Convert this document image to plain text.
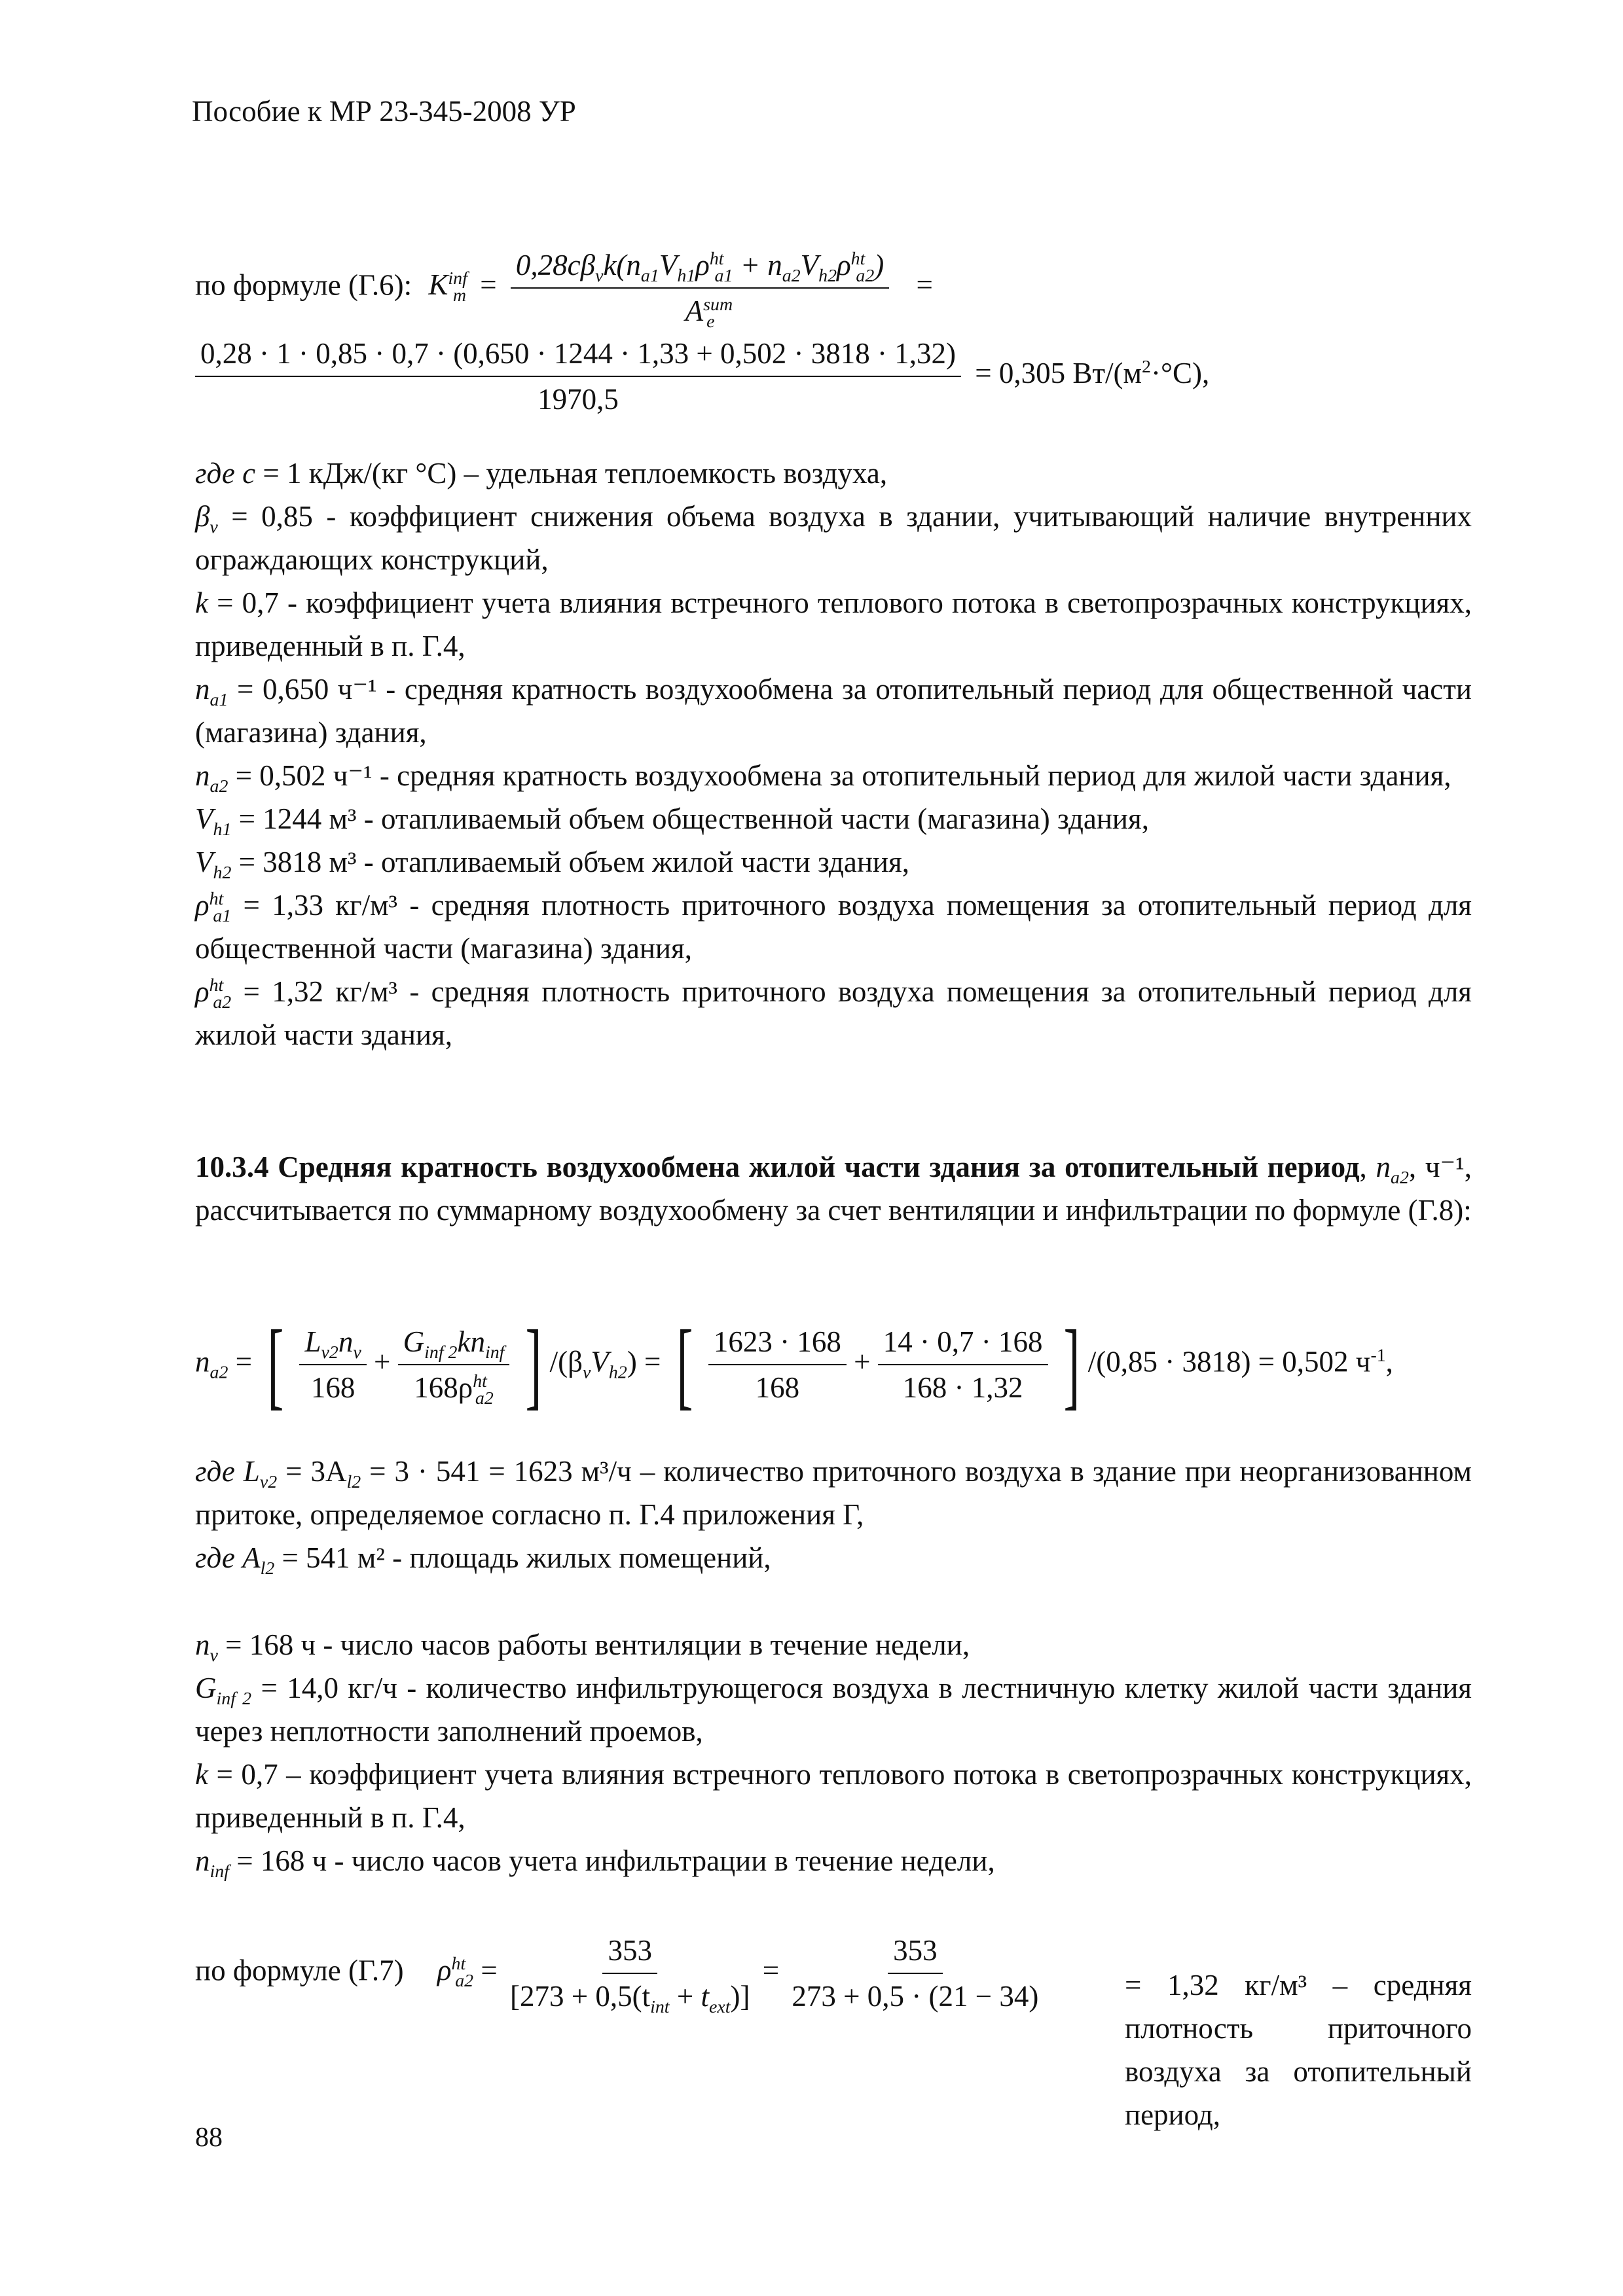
Пособие к МР 23-345-2008 УР
по формуле (Г.6): $K^{inf}_m = \frac{0,28c\beta_vk(n_{a1}V_{h1}\rho^{ht}_{a1} + n_{a2}V_{h2}\rho^{ht}_{a2})}{A^{sum}_e}$ =
0,28 · 1 · 0,85 · 0,7 · (0,650 · 1244 · 1,33 + 0,502 · 3818 · 1,32)
1970,5
= 0,305 $Вт/(м^2\cdot^\circ C)$,
где c = 1 кДж/(кг °С) – удельная теплоемкость воздуха,
$\beta_v = 0,85$ - коэффициент снижения объема воздуха в здании, учитывающий наличие внутренних ограждающих конструкций,
k = 0,7 - коэффициент учета влияния встречного теплового потока в светопрозрачных конструкциях, приведенный в п. Г.4,
$n_{a1} = 0,650$ ч⁻¹ - средняя кратность воздухообмена за отопительный период для общественной части (магазина) здания,
$n_{a2} = 0,502$ ч⁻¹ - средняя кратность воздухообмена за отопительный период для жилой части здания,
$V_{h1} = 1244$ м³ - отапливаемый объем общественной части (магазина) здания,
$V_{h2} = 3818$ м³ - отапливаемый объем жилой части здания,
$\rho^{ht}_{a1} = 1,33$ кг/м³ - средняя плотность приточного воздуха помещения за отопительный период для общественной части (магазина) здания,
$\rho^{ht}_{a2} = 1,32$ кг/м³ - средняя плотность приточного воздуха помещения за отопительный период для жилой части здания,
10.3.4 Средняя кратность воздухообмена жилой части здания за отопительный период, $n_{a2}$, ч⁻¹, рассчитывается по суммарному воздухообмену за счет вентиляции и инфильтрации по формуле (Г.8):
$n_{a2}$ = [ $\frac{L_{v2}n_v}{168} + \frac{G_{inf 2}kn_{inf}}{168\rho^{ht}_{a2}}$ ] $/(\beta_vV_{h2})$ = [ $\frac{1623 \cdot 168}{168} + \frac{14 \cdot 0,7 \cdot 168}{168 \cdot 1,32}$ ] /(0,85 · 3818) = 0,502 $ч^{-1}$,
где $L_{v2} = 3A_{l2} = 3 \cdot 541 = 1623$ м³/ч – количество приточного воздуха в здание при неорганизованном притоке, определяемое согласно п. Г.4 приложения Г,
где $A_{l2} = 541$ м² - площадь жилых помещений,
$n_v = 168$ ч - число часов работы вентиляции в течение недели,
$G_{inf 2} = 14,0$ кг/ч - количество инфильтрующегося воздуха в лестничную клетку жилой части здания через неплотности заполнений проемов,
k = 0,7 – коэффициент учета влияния встречного теплового потока в светопрозрачных конструкциях, приведенный в п. Г.4,
$n_{inf} = 168$ ч - число часов учета инфильтрации в течение недели,
по формуле (Г.7) $\rho^{ht}_{a2} = \frac{353}{[273 + 0,5(t_{int} + t_{ext})]} = \frac{353}{273 + 0,5 \cdot (21 - 34)}$	= 1,32 кг/м³ – средняя плотность приточного воздуха за отопительный период,
88
